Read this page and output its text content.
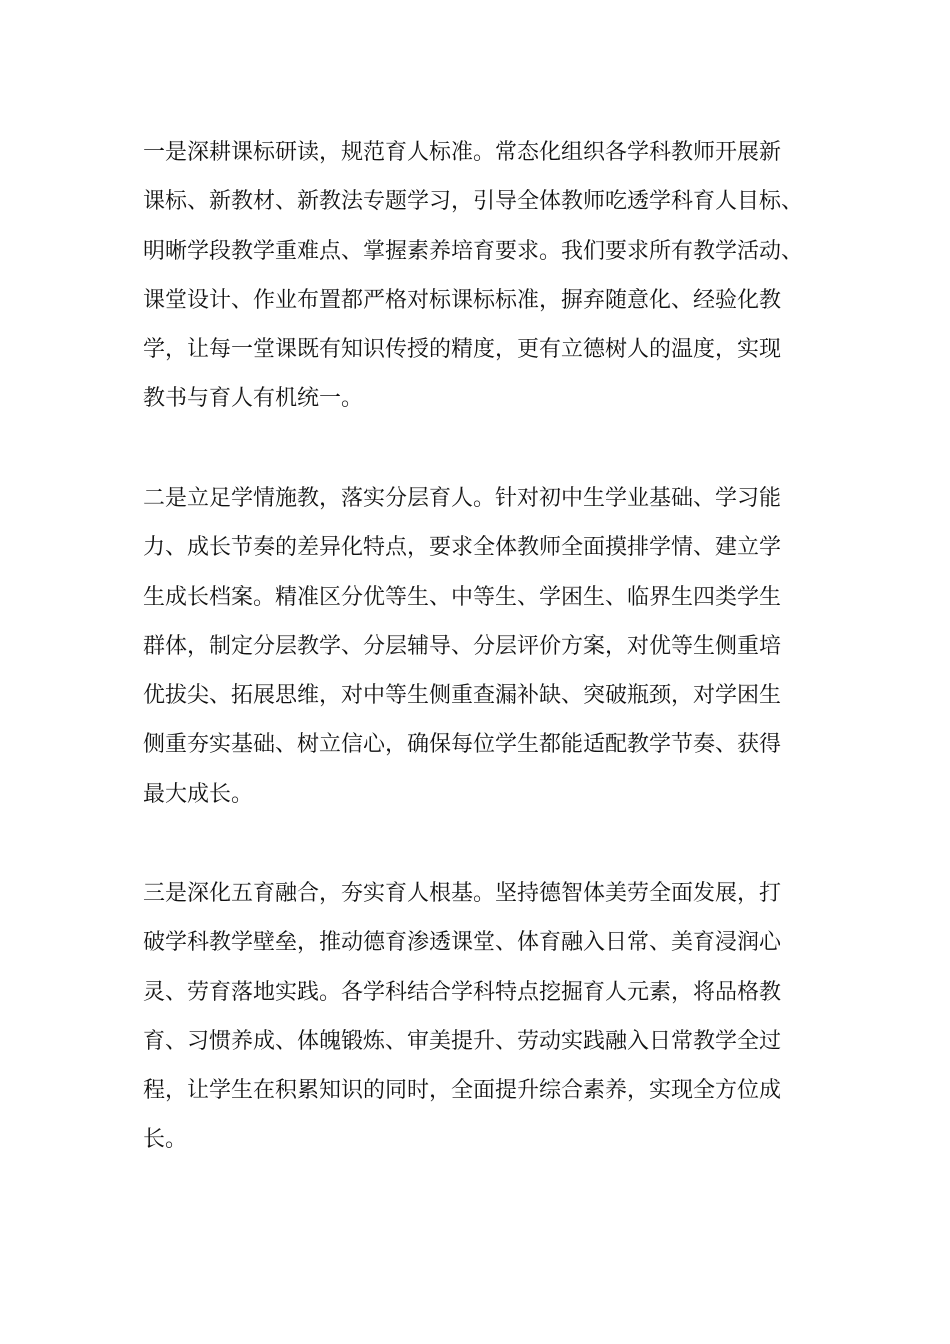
一是深耕课标研读，规范育人标准。常态化组织各学科教师开展新
课标、新教材、新教法专题学习，引导全体教师吃透学科育人目标、
明晰学段教学重难点、掌握素养培育要求。我们要求所有教学活动、
课堂设计、作业布置都严格对标课标标准，摒弃随意化、经验化教
学，让每一堂课既有知识传授的精度，更有立德树人的温度，实现
教书与育人有机统一。

二是立足学情施教，落实分层育人。针对初中生学业基础、学习能
力、成长节奏的差异化特点，要求全体教师全面摸排学情、建立学
生成长档案。精准区分优等生、中等生、学困生、临界生四类学生
群体，制定分层教学、分层辅导、分层评价方案，对优等生侧重培
优拔尖、拓展思维，对中等生侧重查漏补缺、突破瓶颈，对学困生
侧重夯实基础、树立信心，确保每位学生都能适配教学节奏、获得
最大成长。

三是深化五育融合，夯实育人根基。坚持德智体美劳全面发展，打
破学科教学壁垒，推动德育渗透课堂、体育融入日常、美育浸润心
灵、劳育落地实践。各学科结合学科特点挖掘育人元素，将品格教
育、习惯养成、体魄锻炼、审美提升、劳动实践融入日常教学全过
程，让学生在积累知识的同时，全面提升综合素养，实现全方位成
长。
